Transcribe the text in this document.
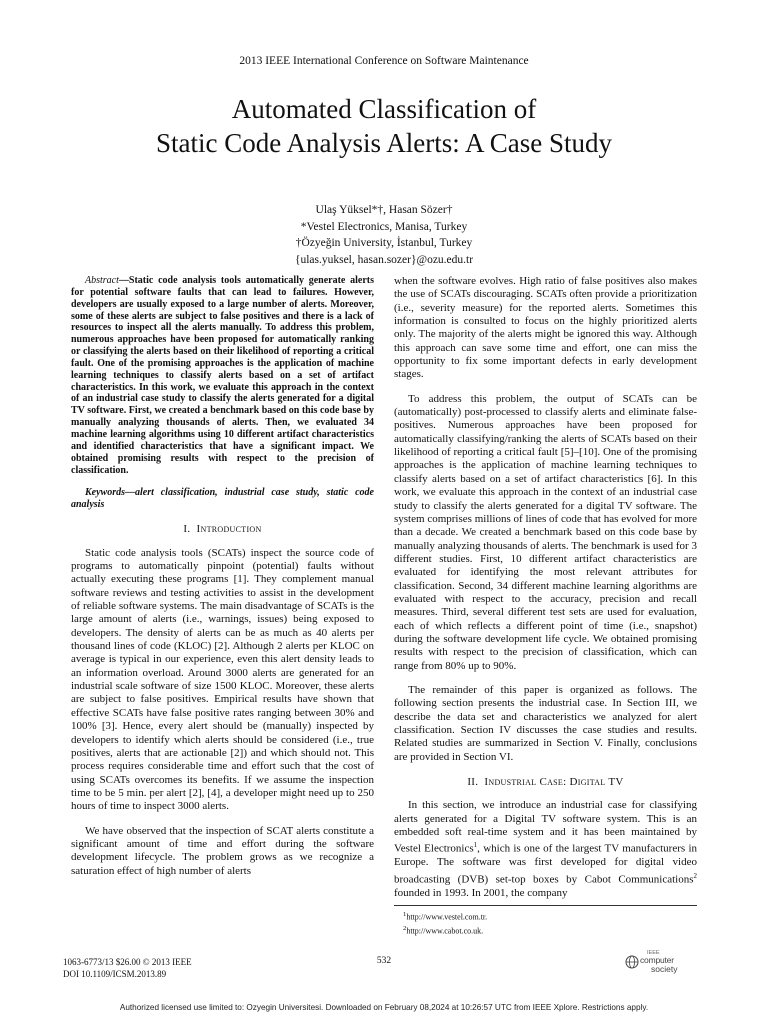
2013 IEEE International Conference on Software Maintenance
Automated Classification of
Static Code Analysis Alerts: A Case Study
Ulaş Yüksel*†, Hasan Sözer†
*Vestel Electronics, Manisa, Turkey
†Özyeğin University, İstanbul, Turkey
{ulas.yuksel, hasan.sozer}@ozu.edu.tr

Abstract—Static code analysis tools automatically generate alerts for potential software faults that can lead to failures. However, developers are usually exposed to a large number of alerts. Moreover, some of these alerts are subject to false positives and there is a lack of resources to inspect all the alerts manually. To address this problem, numerous approaches have been proposed for automatically ranking or classifying the alerts based on their likelihood of reporting a critical fault. One of the promising approaches is the application of machine learning techniques to classify alerts based on a set of artifact characteristics. In this work, we evaluate this approach in the context of an industrial case study to classify the alerts generated for a digital TV software. First, we created a benchmark based on this code base by manually analyzing thousands of alerts. Then, we evaluated 34 machine learning algorithms using 10 different artifact characteristics and identified characteristics that have a significant impact. We obtained promising results with respect to the precision of classification.

Keywords—alert classification, industrial case study, static code analysis

I. Introduction

Static code analysis tools (SCATs) inspect the source code of programs to automatically pinpoint (potential) faults without actually executing these programs [1]. They complement manual software reviews and testing activities to assist in the development of reliable software systems. The main disadvantage of SCATs is the large amount of alerts (i.e., warnings, issues) being exposed to developers. The density of alerts can be as much as 40 alerts per thousand lines of code (KLOC) [2]. Although 2 alerts per KLOC on average is typical in our experience, even this alert density leads to an information overload. Around 3000 alerts are generated for an industrial scale software of size 1500 KLOC. Moreover, these alerts are subject to false positives. Empirical results have shown that effective SCATs have false positive rates ranging between 30% and 100% [3]. Hence, every alert should be (manually) inspected by developers to identify which alerts should be considered (i.e., true positives, alerts that are actionable [2]) and which should not. This process requires considerable time and effort such that the cost of using SCATs overcomes its benefits. If we assume the inspection time to be 5 min. per alert [2], [4], a developer might need up to 250 hours of time to inspect 3000 alerts.

We have observed that the inspection of SCAT alerts constitute a significant amount of time and effort during the software development lifecycle. The problem grows as we recognize a saturation effect of high number of alerts

when the software evolves. High ratio of false positives also makes the use of SCATs discouraging. SCATs often provide a prioritization (i.e., severity measure) for the reported alerts. Sometimes this information is consulted to focus on the highly prioritized alerts only. The majority of the alerts might be ignored this way. Although this approach can save some time and effort, one can miss the opportunity to fix some important defects in early development stages.

To address this problem, the output of SCATs can be (automatically) post-processed to classify alerts and eliminate false-positives. Numerous approaches have been proposed for automatically classifying/ranking the alerts of SCATs based on their likelihood of reporting a critical fault [5]–[10]. One of the promising approaches is the application of machine learning techniques to classify alerts based on a set of artifact characteristics [6]. In this work, we evaluate this approach in the context of an industrial case study to classify the alerts generated for a digital TV software. The system comprises millions of lines of code that has evolved for more than a decade. We created a benchmark based on this code base by manually analyzing thousands of alerts. The benchmark is used for 3 different studies. First, 10 different artifact characteristics are evaluated for identifying the most relevant attributes for classification. Second, 34 different machine learning algorithms are evaluated with respect to the accuracy, precision and recall measures. Third, several different test sets are used for evaluation, each of which reflects a different point of time (i.e., snapshot) during the software development life cycle. We obtained promising results with respect to the precision of classification, which can range from 80% up to 90%.

The remainder of this paper is organized as follows. The following section presents the industrial case. In Section III, we describe the data set and characteristics we analyzed for alert classification. Section IV discusses the case studies and results. Related studies are summarized in Section V. Finally, conclusions are provided in Section VI.

II. Industrial Case: Digital TV

In this section, we introduce an industrial case for classifying alerts generated for a Digital TV software system. This is an embedded soft real-time system and it has been maintained by Vestel Electronics$^1$, which is one of the largest TV manufacturers in Europe. The software was first developed for digital video broadcasting (DVB) set-top boxes by Cabot Communications$^2$ founded in 1993. In 2001, the company

$^1$http://www.vestel.com.tr.
$^2$http://www.cabot.co.uk.
1063-6773/13 $26.00 © 2013 IEEE
DOI 10.1109/ICSM.2013.89
532
IEEE
computer
society
Authorized licensed use limited to: Ozyegin Universitesi. Downloaded on February 08,2024 at 10:26:57 UTC from IEEE Xplore. Restrictions apply.
